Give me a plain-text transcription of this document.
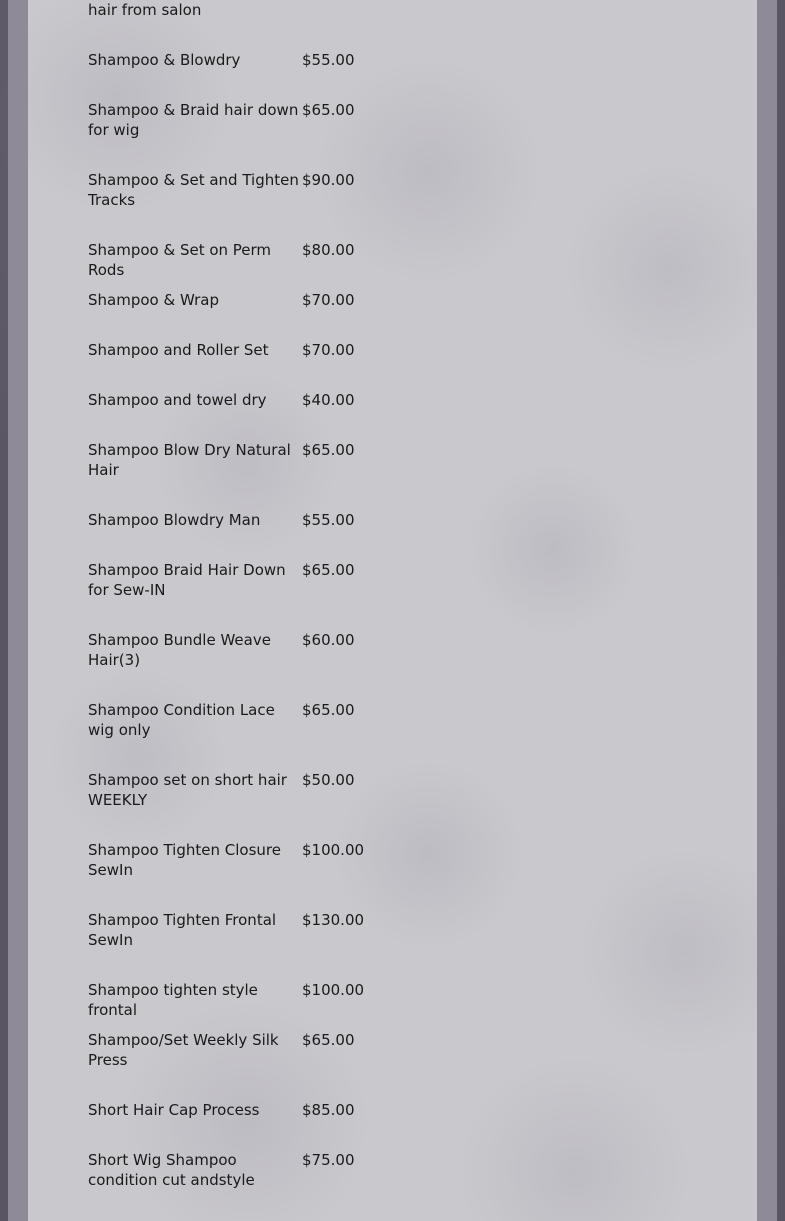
hair from salon
Shampoo & Blowdry	$55.00
Shampoo & Braid hair down for wig
$65.00
Shampoo & Set and Tighten Tracks
$90.00
Shampoo & Set on Perm Rods
$80.00
Shampoo & Wrap	$70.00
Shampoo and Roller Set	$70.00
Shampoo and towel dry	$40.00
Shampoo Blow Dry Natural Hair
$65.00
Shampoo Blowdry Man	$55.00
Shampoo Braid Hair Down for Sew-IN
$65.00
Shampoo Bundle Weave Hair(3)
$60.00
Shampoo Condition Lace wig only
$65.00
Shampoo set on short hair WEEKLY
$50.00
Shampoo Tighten Closure SewIn
$100.00
Shampoo Tighten Frontal SewIn
$130.00
Shampoo tighten style frontal
$100.00
Shampoo/Set Weekly Silk Press
$65.00
Short Hair Cap Process	$85.00
Short Wig Shampoo condition cut andstyle
$75.00
